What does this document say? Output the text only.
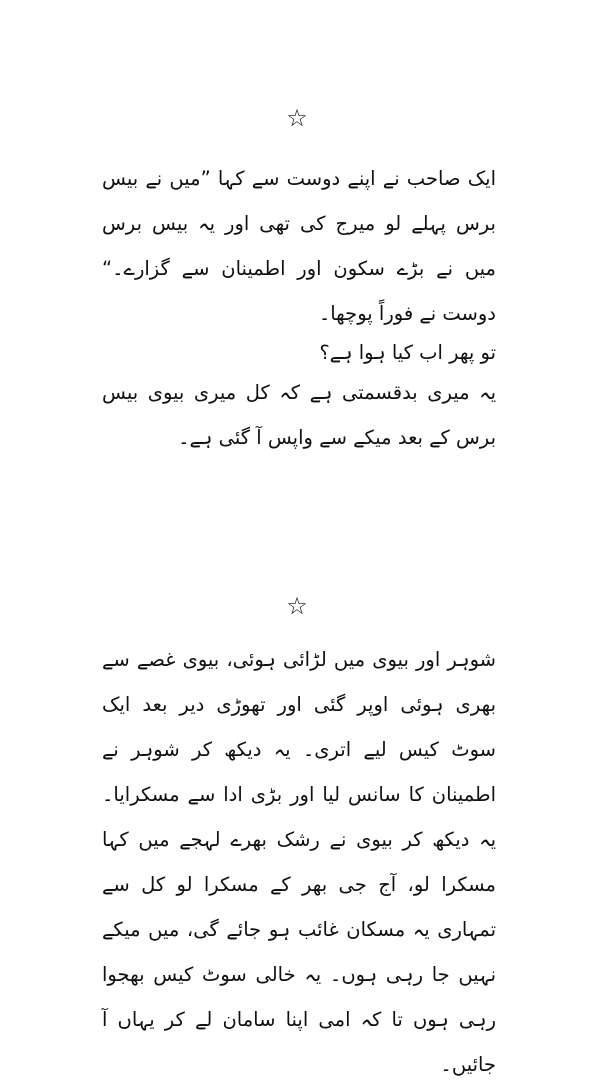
☆

ایک صاحب نے اپنے دوست سے کہا ”میں نے بیس برس پہلے لو میرج کی تھی اور یہ بیس برس میں نے بڑے سکون اور اطمینان سے گزارے۔“ دوست نے فوراً پوچھا۔

تو پھر اب کیا ہوا ہے؟

یہ میری بدقسمتی ہے کہ کل میری بیوی بیس برس کے بعد میکے سے واپس آ گئی ہے۔

☆

شوہر اور بیوی میں لڑائی ہوئی، بیوی غصے سے بھری ہوئی اوپر گئی اور تھوڑی دیر بعد ایک سوٹ کیس لیے اتری۔ یہ دیکھ کر شوہر نے اطمینان کا سانس لیا اور بڑی ادا سے مسکرایا۔ یہ دیکھ کر بیوی نے رشک بھرے لہجے میں کہا مسکرا لو، آج جی بھر کے مسکرا لو کل سے تمہاری یہ مسکان غائب ہو جائے گی، میں میکے نہیں جا رہی ہوں۔ یہ خالی سوٹ کیس بھجوا رہی ہوں تا کہ امی اپنا سامان لے کر یہاں آ جائیں۔
